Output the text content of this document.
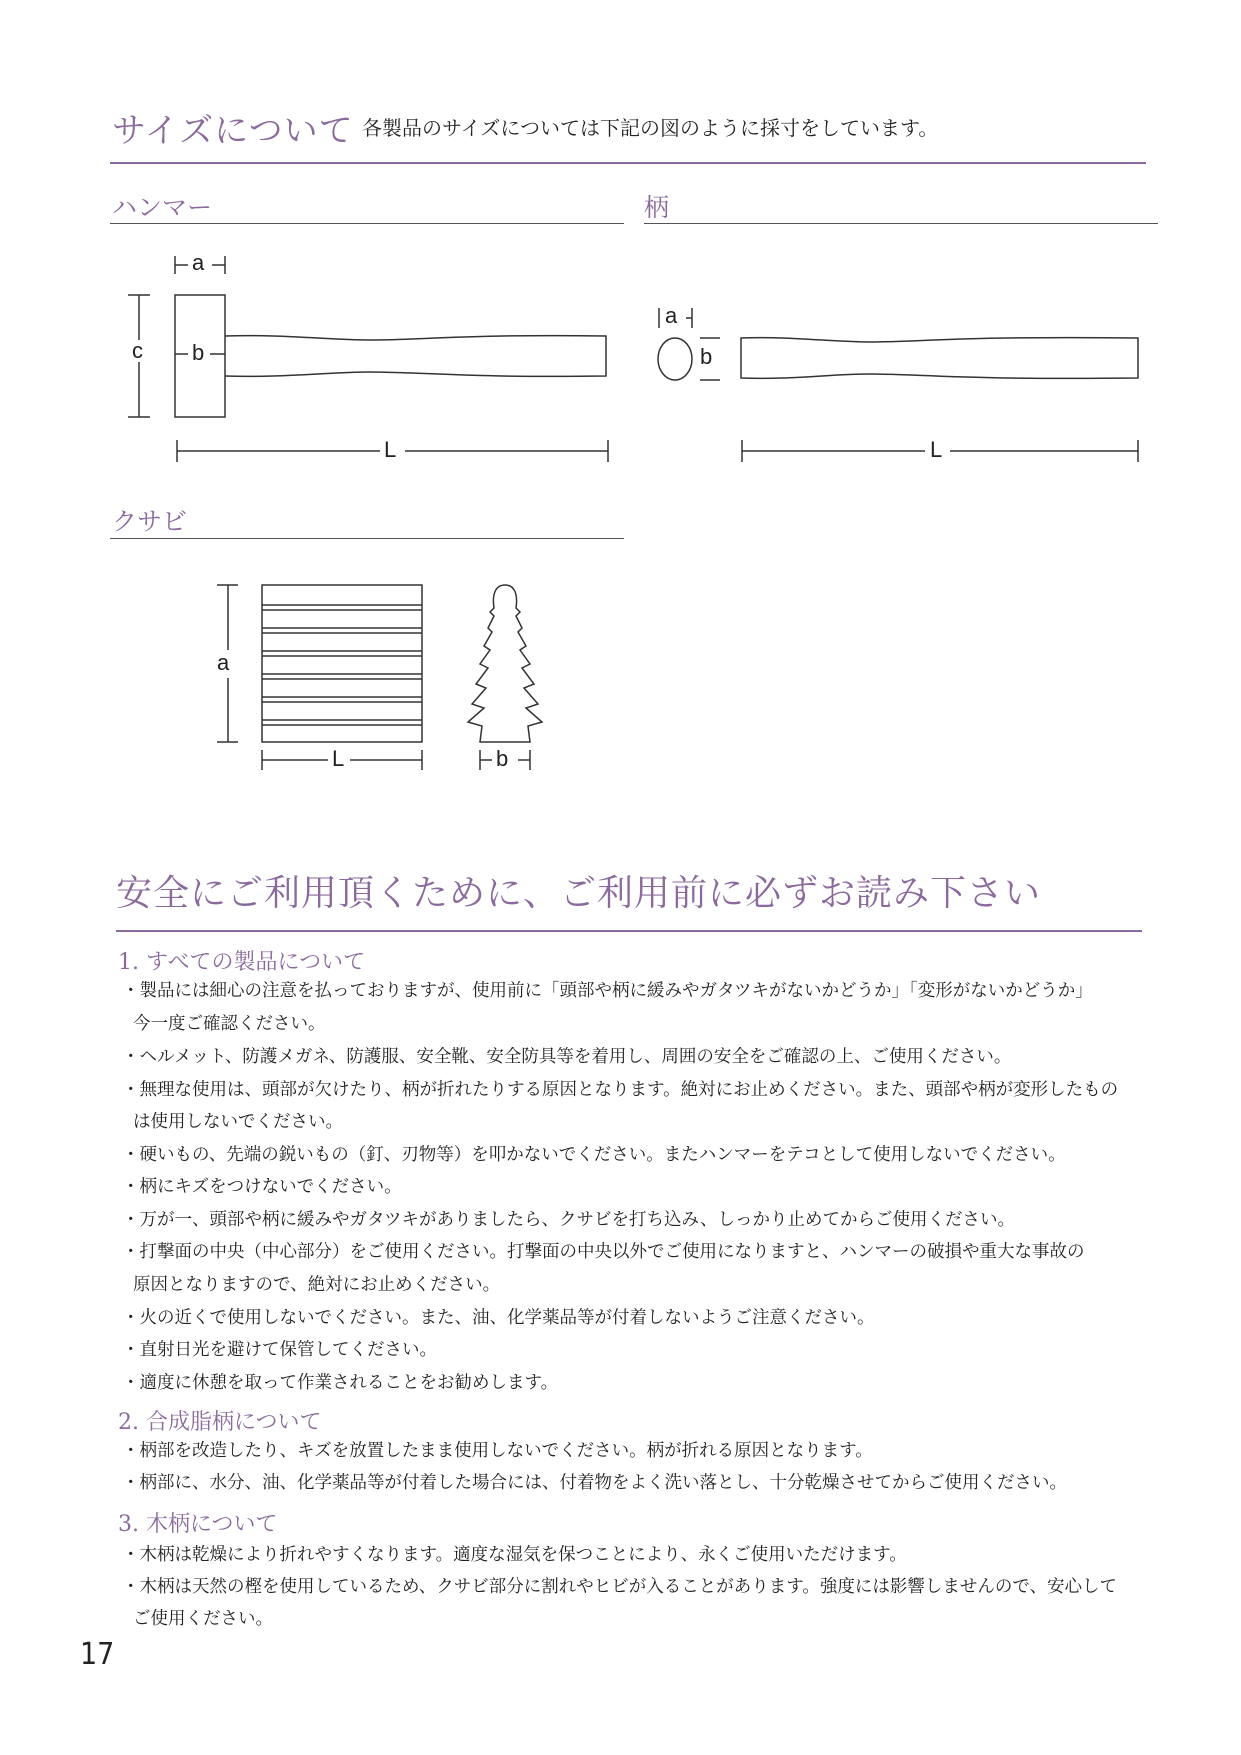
サイズについて 各製品のサイズについては下記の図のように採寸をしています。
ハンマー	柄
クサビ
a
c b
L
a
b
L
a
L	b
安全にご利用頂くために、ご利用前に必ずお読み下さい
1. すべての製品について
・製品には細心の注意を払っておりますが、使用前に「頭部や柄に緩みやガタツキがないかどうか」「変形がないかどうか」
今一度ご確認ください。
・ヘルメット、防護メガネ、防護服、安全靴、安全防具等を着用し、周囲の安全をご確認の上、ご使用ください。
・無理な使用は、頭部が欠けたり、柄が折れたりする原因となります。絶対にお止めください。また、頭部や柄が変形したもの
は使用しないでください。
・硬いもの、先端の鋭いもの（釘、刃物等）を叩かないでください。またハンマーをテコとして使用しないでください。
・柄にキズをつけないでください。
・万が一、頭部や柄に緩みやガタツキがありましたら、クサビを打ち込み、しっかり止めてからご使用ください。
・打撃面の中央（中心部分）をご使用ください。打撃面の中央以外でご使用になりますと、ハンマーの破損や重大な事故の
原因となりますので、絶対にお止めください。
・火の近くで使用しないでください。また、油、化学薬品等が付着しないようご注意ください。
・直射日光を避けて保管してください。
・適度に休憩を取って作業されることをお勧めします。
2. 合成脂柄について
・柄部を改造したり、キズを放置したまま使用しないでください。柄が折れる原因となります。
・柄部に、水分、油、化学薬品等が付着した場合には、付着物をよく洗い落とし、十分乾燥させてからご使用ください。
3. 木柄について
・木柄は乾燥により折れやすくなります。適度な湿気を保つことにより、永くご使用いただけます。
・木柄は天然の樫を使用しているため、クサビ部分に割れやヒビが入ることがあります。強度には影響しませんので、安心して
ご使用ください。
17
